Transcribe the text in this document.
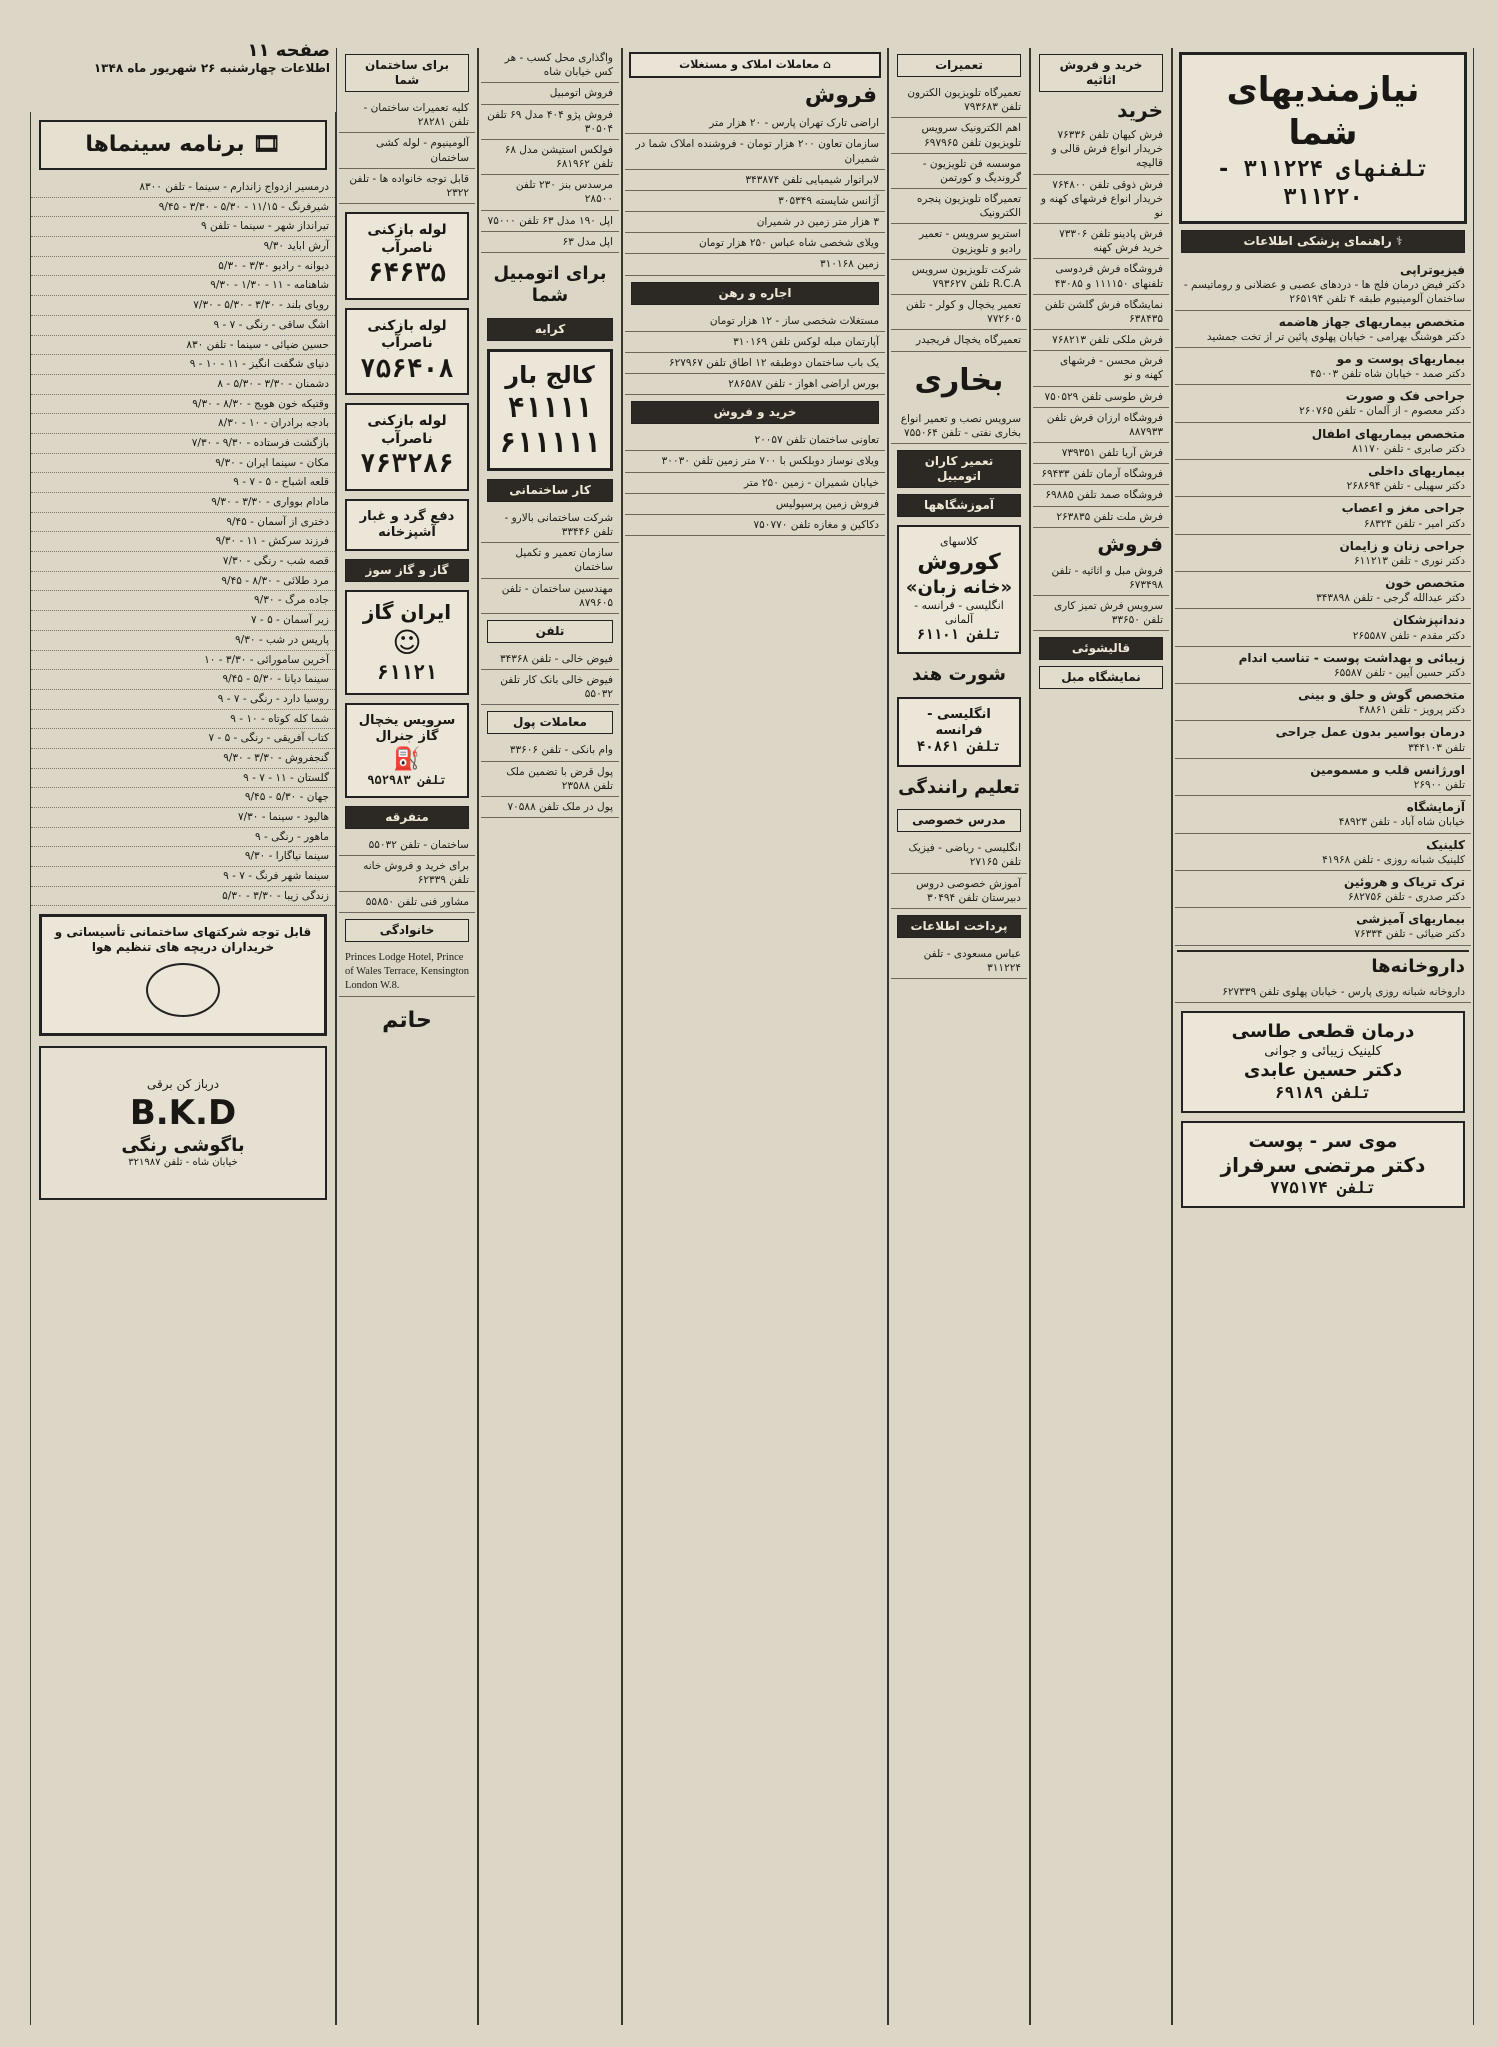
صفحه ۱۱
اطلاعات چهارشنبه ۲۶ شهریور ماه ۱۳۴۸
نیازمندیهای شما
تلفنهای ۳۱۱۲۲۴ - ۳۱۱۲۲۰
⚕ راهنمای پزشکی اطلاعات
فیزیوتراپی
دکتر فیض درمان فلج ها - دردهای عصبی و عضلانی و روماتیسم - ساختمان آلومینیوم طبقه ۴ تلفن ۲۶۵۱۹۴
متخصص بیماریهای جهاز هاضمه
دکتر هوشنگ بهرامی - خیابان پهلوی پائین تر از تخت جمشید
بیماریهای پوست و مو
دکتر صمد - خیابان شاه تلفن ۴۵۰۰۳
جراحی فک و صورت
دکتر معصوم - از آلمان - تلفن ۲۶۰۷۶۵
متخصص بیماریهای اطفال
دکتر صابری - تلفن ۸۱۱۷۰
بیماریهای داخلی
دکتر سهیلی - تلفن ۲۶۸۶۹۴
جراحی مغز و اعصاب
دکتر امیر - تلفن ۶۸۳۲۴
جراحی زنان و زایمان
دکتر نوری - تلفن ۶۱۱۲۱۳
متخصص خون
دکتر عبدالله گرجی - تلفن ۳۴۳۸۹۸
دندانپزشکان
دکتر مقدم - تلفن ۲۶۵۵۸۷
زیبائی و بهداشت پوست - تناسب اندام
دکتر حسین آیین - تلفن ۶۵۵۸۷
متخصص گوش و حلق و بینی
دکتر پرویز - تلفن ۴۸۸۶۱
درمان بواسیر بدون عمل جراحی
تلفن ۳۴۴۱۰۳
اورژانس قلب و مسمومین
تلفن ۲۶۹۰۰
آزمایشگاه
خیابان شاه آباد - تلفن ۴۸۹۲۳
کلینیک
کلینیک شبانه روزی - تلفن ۴۱۹۶۸
ترک تریاک و هروئین
دکتر صدری - تلفن ۶۸۲۷۵۶
بیماریهای آمیزشی
دکتر ضیائی - تلفن ۷۶۳۳۴
داروخانه‌ها
داروخانه شبانه روزی پارس - خیابان پهلوی تلفن ۶۲۷۳۳۹
درمان قطعی طاسی
کلینیک زیبائی و جوانی
دکتر حسین عابدی
تلفن ۶۹۱۸۹
موی سر - پوست
دکتر مرتضی سرفراز
تلفن ۷۷۵۱۷۴
خرید و فروش اثاثیه
خرید
فرش کیهان تلفن ۷۶۳۳۶ خریدار انواع فرش قالی و قالیچه
فرش ذوقی تلفن ۷۶۴۸۰۰ خریدار انواع فرشهای کهنه و نو
فرش پادینو تلفن ۷۳۳۰۶ خرید فرش کهنه
فروشگاه فرش فردوسی تلفنهای ۱۱۱۱۵۰ و ۴۳۰۸۵
نمایشگاه فرش گلشن تلفن ۶۳۸۴۳۵
فرش ملکی تلفن ۷۶۸۲۱۳
فرش محسن - فرشهای کهنه و نو
فرش طوسی تلفن ۷۵۰۵۲۹
فروشگاه ارزان فرش تلفن ۸۸۷۹۳۳
فرش آریا تلفن ۷۳۹۳۵۱
فروشگاه آرمان تلفن ۶۹۴۳۳
فروشگاه صمد تلفن ۶۹۸۸۵
فرش ملت تلفن ۲۶۳۸۳۵
فروش
فروش مبل و اثاثیه - تلفن ۶۷۳۴۹۸
سرویس فرش تمیز کاری تلفن ۳۳۶۵۰
قالیشوئی
نمایشگاه مبل
تعمیرات
تعمیرگاه تلویزیون الکترون تلفن ۷۹۳۶۸۳
اهم الکترونیک سرویس تلویزیون تلفن ۶۹۷۹۶۵
موسسه فن تلویزیون - گروندیگ و کورتمن
تعمیرگاه تلویزیون پنجره الکترونیک
استریو سرویس - تعمیر رادیو و تلویزیون
شرکت تلویزیون سرویس R.C.A تلفن ۷۹۳۶۲۷
تعمیر یخچال و کولر - تلفن ۷۷۲۶۰۵
تعمیرگاه یخچال فریجیدر
بخاری
سرویس نصب و تعمیر انواع بخاری نفتی - تلفن ۷۵۵۰۶۴
تعمیر کاران اتومبیل
آموزشگاهها
کلاسهای
کوروش
«خانه زبان»
انگلیسی - فرانسه - آلمانی
تلفن ۶۱۱۰۱
شورت هند
انگلیسی - فرانسه
تلفن ۴۰۸۶۱
تعلیم رانندگی
مدرس خصوصی
انگلیسی - ریاضی - فیزیک تلفن ۲۷۱۶۵
آموزش خصوصی دروس دبیرستان تلفن ۳۰۴۹۴
پرداخت اطلاعات
عباس مسعودی - تلفن ۳۱۱۲۲۴
⌂ معاملات املاک و مستغلات
فروش
اراضی تارک تهران پارس - ۲۰ هزار متر
سازمان تعاون ۲۰۰ هزار تومان - فروشنده املاک شما در شمیران
لابراتوار شیمیایی تلفن ۳۴۳۸۷۴
آژانس شایسته ۳۰۵۳۴۹
۳ هزار متر زمین در شمیران
ویلای شخصی شاه عباس ۲۵۰ هزار تومان
زمین ۳۱۰۱۶۸
اجاره و رهن
مستغلات شخصی ساز - ۱۲ هزار تومان
آپارتمان مبله لوکس تلفن ۳۱۰۱۶۹
یک باب ساختمان دوطبقه ۱۲ اطاق تلفن ۶۲۷۹۶۷
بورس اراضی اهواز - تلفن ۲۸۶۵۸۷
خرید و فروش
تعاونی ساختمان تلفن ۲۰۰۵۷
ویلای نوساز دوبلکس با ۷۰۰ متر زمین تلفن ۳۰۰۳۰
خیابان شمیران - زمین ۲۵۰ متر
فروش زمین پرسپولیس
دکاکین و مغازه تلفن ۷۵۰۷۷۰
واگذاری محل کسب - هر کس خیابان شاه
فروش اتومبیل
فروش پژو ۴۰۴ مدل ۶۹ تلفن ۳۰۵۰۴
فولکس استیشن مدل ۶۸ تلفن ۶۸۱۹۶۲
مرسدس بنز ۲۳۰ تلفن ۲۸۵۰۰
اپل ۱۹۰ مدل ۶۳ تلفن ۷۵۰۰۰
اپل مدل ۶۳
برای اتومبیل شما
کرایه
کالج بار
۴۱۱۱۱
۶۱۱۱۱۱
کار ساختمانی
شرکت ساختمانی بالارو - تلفن ۳۳۴۴۶
سازمان تعمیر و تکمیل ساختمان
مهندسین ساختمان - تلفن ۸۷۹۶۰۵
تلفن
فیوض خالی - تلفن ۳۴۳۶۸
فیوض خالی بانک کار تلفن ۵۵۰۳۲
معاملات پول
وام بانکی - تلفن ۳۳۶۰۶
پول قرض با تضمین ملک تلفن ۲۳۵۸۸
پول در ملک تلفن ۷۰۵۸۸
برای ساختمان شما
کلیه تعمیرات ساختمان - تلفن ۲۸۲۸۱
آلومینیوم - لوله کشی ساختمان
قابل توجه خانواده ها - تلفن ۲۳۲۲
لوله بازکنی ناصرآب
۶۴۶۳۵
لوله بازکنی ناصرآب
۷۵۶۴۰۸
لوله بازکنی ناصرآب
۷۶۳۲۸۶
دفع گرد و غبار آشپزخانه
گاز و گاز سوز
ایران گاز
☺
۶۱۱۲۱
سرویس یخچال گاز جنرال
⛽
تلفن ۹۵۲۹۸۳
متفرقه
ساختمان - تلفن ۵۵۰۳۲
برای خرید و فروش خانه تلفن ۶۲۳۳۹
مشاور فنی تلفن ۵۵۸۵۰
خانوادگی
Princes Lodge Hotel, Prince of Wales Terrace, Kensington London W.8.
حاتم
🎞
برنامه سینماها
درمسیر ازدواج زاندارم - سینما - تلفن ۸۳۰۰
شیرفرنگ - ۱۱/۱۵ - ۵/۳۰ - ۳/۳۰ - ۹/۴۵
تیرانداز شهر - سینما - تلفن ۹
آرش اباید ۹/۳۰
دیوانه - رادیو ۳/۳۰ - ۵/۳۰
شاهنامه - ۱۱ - ۱/۳۰ - ۹/۳۰
رویای بلند - ۳/۳۰ - ۵/۳۰ - ۷/۳۰
اشگ ساقی - رنگی - ۷ - ۹
حسین ضیائی - سینما - تلفن ۸۳۰
دنیای شگفت انگیز - ۱۱ - ۱۰ - ۹
دشمنان - ۳/۳۰ - ۵/۳۰ - ۸
وقتیکه خون هویج - ۸/۳۰ - ۹/۳۰
بادجه برادران - ۱۰ - ۸/۳۰
بازگشت فرستاده - ۹/۳۰ - ۷/۳۰
مکان - سینما ایران - ۹/۳۰
قلعه اشباح - ۵ - ۷ - ۹
مادام بوواری - ۳/۳۰ - ۹/۳۰
دختری از آسمان - ۹/۴۵
فرزند سرکش - ۱۱ - ۹/۳۰
قصه شب - رنگی - ۷/۳۰
مرد طلائی - ۸/۳۰ - ۹/۴۵
جاده مرگ - ۹/۳۰
زیر آسمان - ۵ - ۷
پاریس در شب - ۹/۳۰
آخرین سامورائی - ۳/۳۰ - ۱۰
سینما دیانا - ۵/۳۰ - ۹/۴۵
روسیا دارد - رنگی - ۷ - ۹
شما کله کوتاه - ۱۰ - ۹
کتاب آفریقی - رنگی - ۵ - ۷
گنجفروش - ۳/۳۰ - ۹/۳۰
گلستان - ۱۱ - ۷ - ۹
جهان - ۵/۳۰ - ۹/۴۵
هالیود - سینما - ۷/۳۰
ماهور - رنگی - ۹
سینما نیاگارا - ۹/۳۰
سینما شهر فرنگ - ۷ - ۹
زندگی زیبا - ۳/۳۰ - ۵/۳۰
قابل توجه شرکتهای ساختمانی تأسیساتی و خریداران دریچه های تنظیم هوا
درباز کن برقی
B.K.D
باگوشی رنگی
خیابان شاه - تلفن ۳۲۱۹۸۷
